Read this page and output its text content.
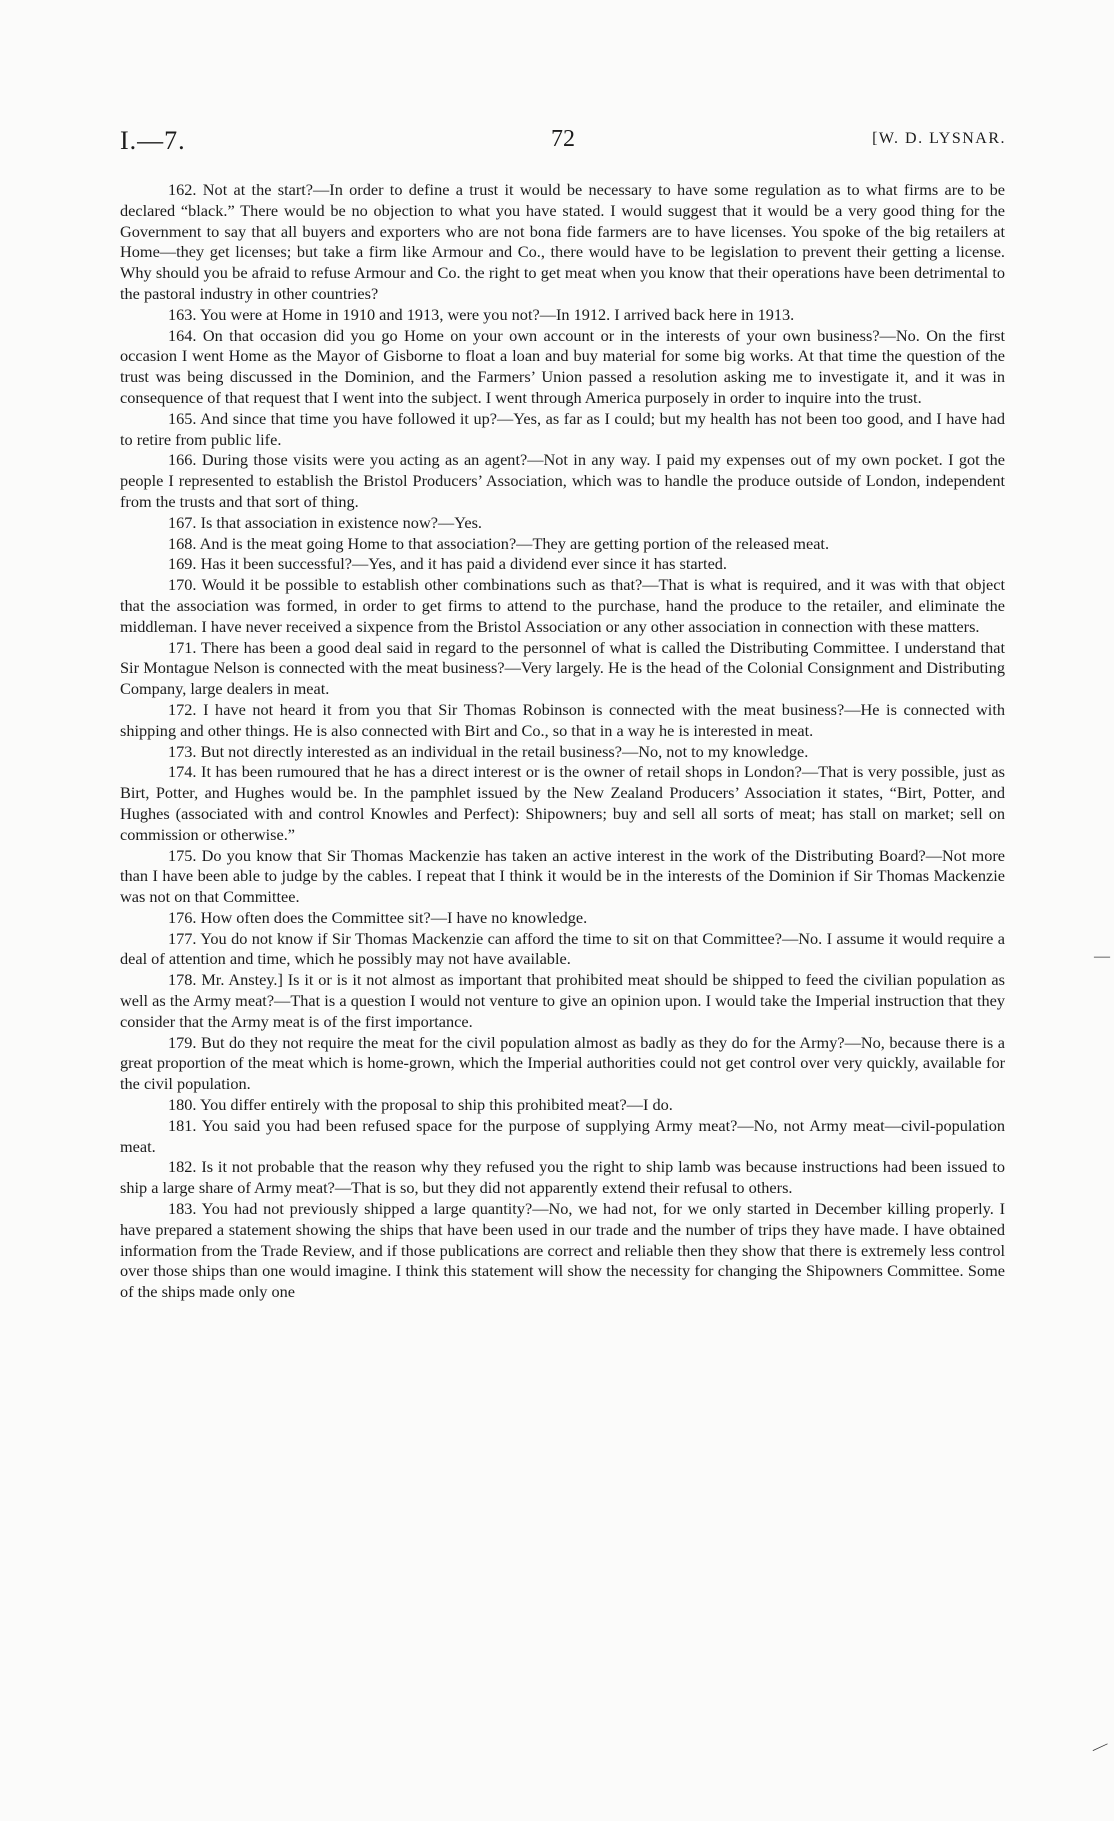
I.—7.	72	[W. D. LYSNAR.

162. Not at the start?—In order to define a trust it would be necessary to have some regulation as to what firms are to be declared “black.” There would be no objection to what you have stated. I would suggest that it would be a very good thing for the Government to say that all buyers and exporters who are not bona fide farmers are to have licenses. You spoke of the big retailers at Home—they get licenses; but take a firm like Armour and Co., there would have to be legislation to prevent their getting a license. Why should you be afraid to refuse Armour and Co. the right to get meat when you know that their operations have been detrimental to the pastoral industry in other countries?

163. You were at Home in 1910 and 1913, were you not?—In 1912. I arrived back here in 1913.

164. On that occasion did you go Home on your own account or in the interests of your own business?—No. On the first occasion I went Home as the Mayor of Gisborne to float a loan and buy material for some big works. At that time the question of the trust was being discussed in the Dominion, and the Farmers’ Union passed a resolution asking me to investigate it, and it was in consequence of that request that I went into the subject. I went through America purposely in order to inquire into the trust.

165. And since that time you have followed it up?—Yes, as far as I could; but my health has not been too good, and I have had to retire from public life.

166. During those visits were you acting as an agent?—Not in any way. I paid my expenses out of my own pocket. I got the people I represented to establish the Bristol Producers’ Association, which was to handle the produce outside of London, independent from the trusts and that sort of thing.

167. Is that association in existence now?—Yes.

168. And is the meat going Home to that association?—They are getting portion of the released meat.

169. Has it been successful?—Yes, and it has paid a dividend ever since it has started.

170. Would it be possible to establish other combinations such as that?—That is what is required, and it was with that object that the association was formed, in order to get firms to attend to the purchase, hand the produce to the retailer, and eliminate the middleman. I have never received a sixpence from the Bristol Association or any other association in connection with these matters.

171. There has been a good deal said in regard to the personnel of what is called the Distributing Committee. I understand that Sir Montague Nelson is connected with the meat business?—Very largely. He is the head of the Colonial Consignment and Distributing Company, large dealers in meat.

172. I have not heard it from you that Sir Thomas Robinson is connected with the meat business?—He is connected with shipping and other things. He is also connected with Birt and Co., so that in a way he is interested in meat.

173. But not directly interested as an individual in the retail business?—No, not to my knowledge.

174. It has been rumoured that he has a direct interest or is the owner of retail shops in London?—That is very possible, just as Birt, Potter, and Hughes would be. In the pamphlet issued by the New Zealand Producers’ Association it states, “Birt, Potter, and Hughes (associated with and control Knowles and Perfect): Shipowners; buy and sell all sorts of meat; has stall on market; sell on commission or otherwise.”

175. Do you know that Sir Thomas Mackenzie has taken an active interest in the work of the Distributing Board?—Not more than I have been able to judge by the cables. I repeat that I think it would be in the interests of the Dominion if Sir Thomas Mackenzie was not on that Committee.

176. How often does the Committee sit?—I have no knowledge.

177. You do not know if Sir Thomas Mackenzie can afford the time to sit on that Committee?—No. I assume it would require a deal of attention and time, which he possibly may not have available.

178. Mr. Anstey.] Is it or is it not almost as important that prohibited meat should be shipped to feed the civilian population as well as the Army meat?—That is a question I would not venture to give an opinion upon. I would take the Imperial instruction that they consider that the Army meat is of the first importance.

179. But do they not require the meat for the civil population almost as badly as they do for the Army?—No, because there is a great proportion of the meat which is home-grown, which the Imperial authorities could not get control over very quickly, available for the civil population.

180. You differ entirely with the proposal to ship this prohibited meat?—I do.

181. You said you had been refused space for the purpose of supplying Army meat?—No, not Army meat—civil-population meat.

182. Is it not probable that the reason why they refused you the right to ship lamb was because instructions had been issued to ship a large share of Army meat?—That is so, but they did not apparently extend their refusal to others.

183. You had not previously shipped a large quantity?—No, we had not, for we only started in December killing properly. I have prepared a statement showing the ships that have been used in our trade and the number of trips they have made. I have obtained information from the Trade Review, and if those publications are correct and reliable then they show that there is extremely less control over those ships than one would imagine. I think this statement will show the necessity for changing the Shipowners Committee. Some of the ships made only one

—
—
